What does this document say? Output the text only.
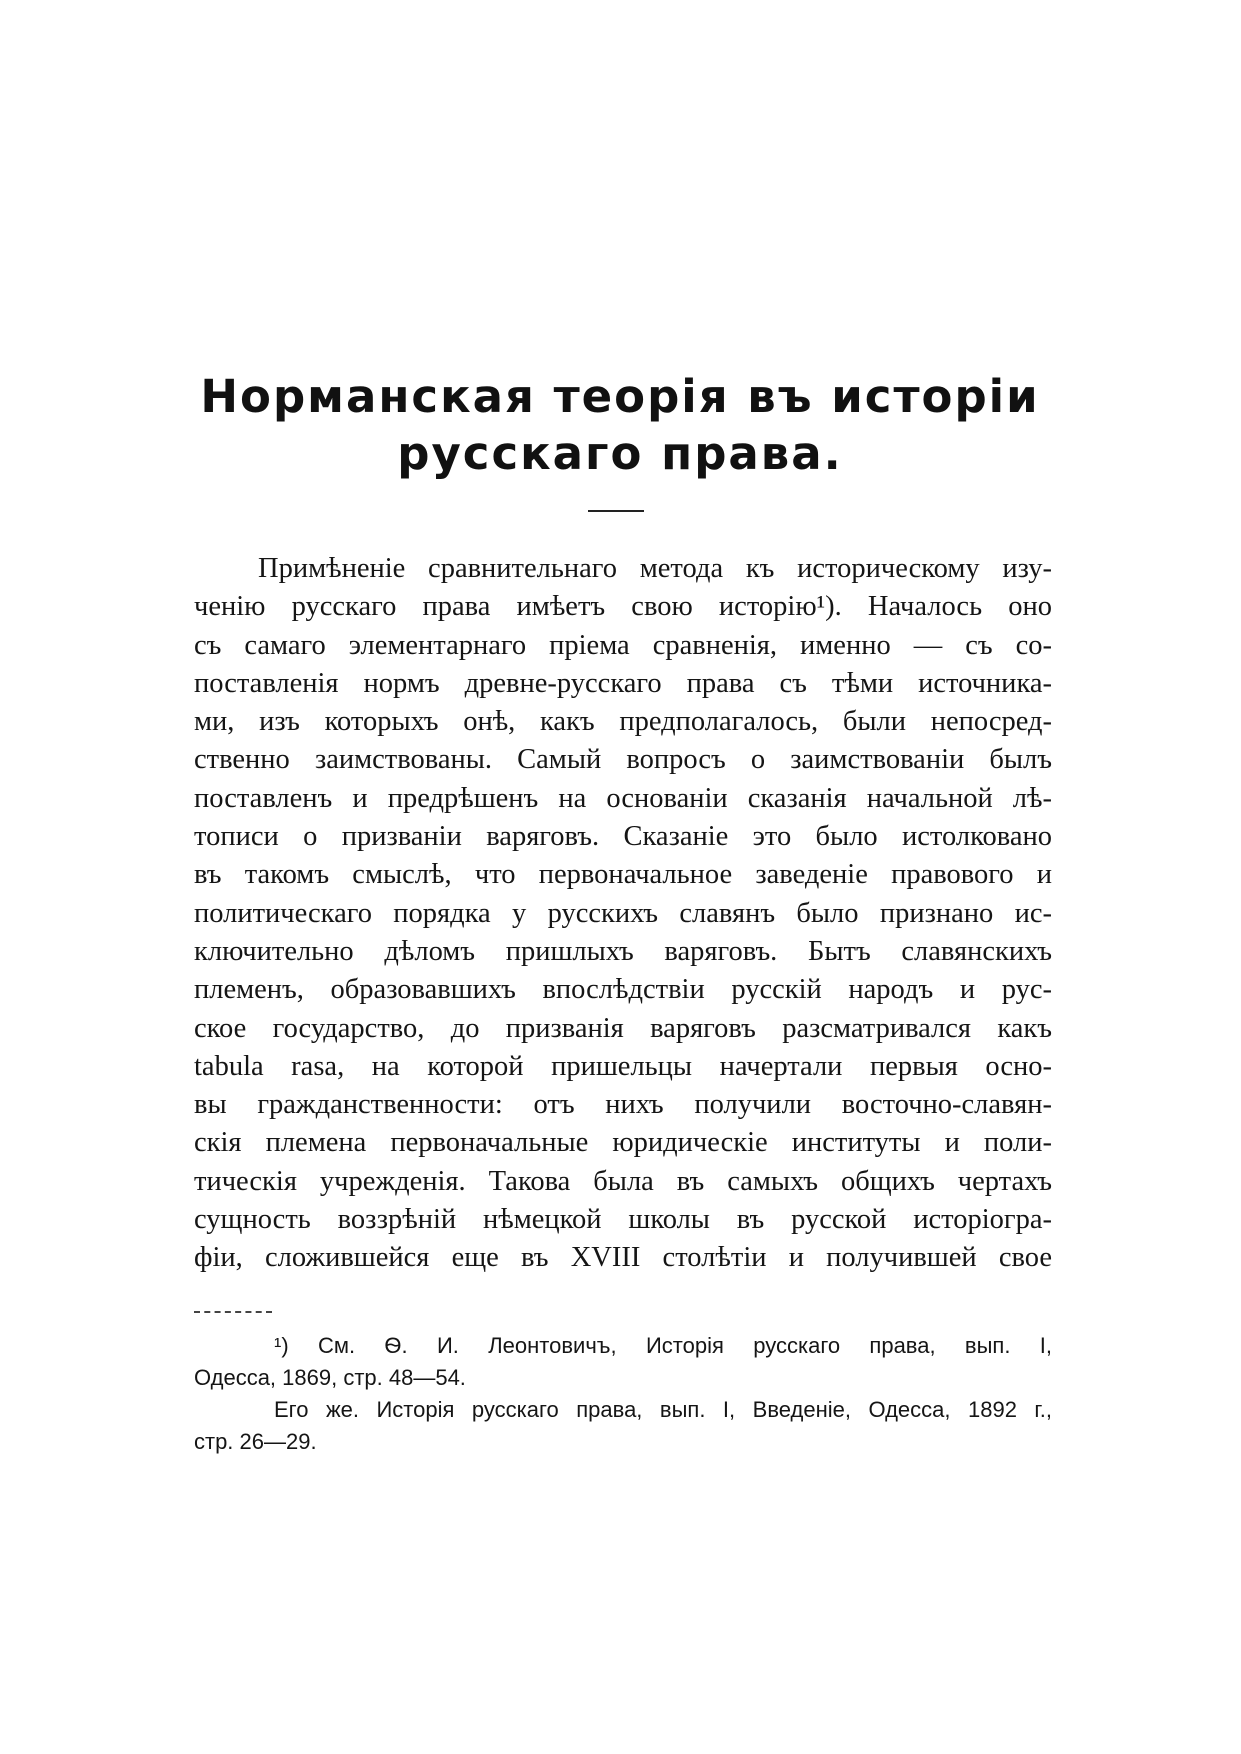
Норманская теорія въ исторіи
русскаго права.
Примѣненіе сравнительнаго метода къ историческому изу-
ченію русскаго права имѣетъ свою исторію¹). Началось оно
съ самаго элементарнаго пріема сравненія, именно — съ со-
поставленія нормъ древне-русскаго права съ тѣми источника-
ми, изъ которыхъ онѣ, какъ предполагалось, были непосред-
ственно заимствованы. Самый вопросъ о заимствованіи былъ
поставленъ и предрѣшенъ на основаніи сказанія начальной лѣ-
тописи о призваніи варяговъ. Сказаніе это было истолковано
въ такомъ смыслѣ, что первоначальное заведеніе правового и
политическаго порядка у русскихъ славянъ было признано ис-
ключительно дѣломъ пришлыхъ варяговъ. Бытъ славянскихъ
племенъ, образовавшихъ впослѣдствіи русскій народъ и рус-
ское государство, до призванія варяговъ разсматривался какъ
tabula rasa, на которой пришельцы начертали первыя осно-
вы гражданственности: отъ нихъ получили восточно-славян-
скія племена первоначальные юридическіе институты и поли-
тическія учрежденія. Такова была въ самыхъ общихъ чертахъ
сущность воззрѣній нѣмецкой школы въ русской исторіогра-
фіи, сложившейся еще въ XVIII столѣтіи и получившей свое
¹) См. Ѳ. И. Леонтовичъ, Исторія русскаго права, вып. I,
Одесса, 1869, стр. 48—54.
Его же. Исторія русскаго права, вып. I, Введеніе, Одесса, 1892 г.,
стр. 26—29.
